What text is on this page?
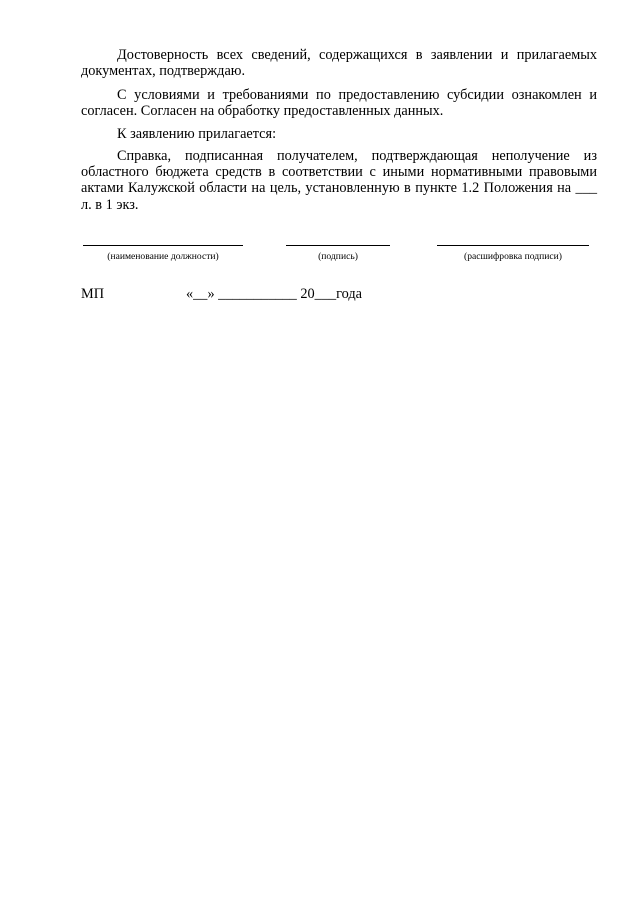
Достоверность всех сведений, содержащихся в заявлении и прилагаемых документах, подтверждаю.

С условиями и требованиями по предоставлению субсидии ознакомлен и согласен. Согласен на обработку предоставленных данных.

К заявлению прилагается:

Справка, подписанная получателем, подтверждающая неполучение из областного бюджета средств в соответствии с иными нормативными правовыми актами Калужской области на цель, установленную в пункте 1.2 Положения на ___ л. в 1 экз.

(наименование должности)	(подпись)	(расшифровка подписи)
МП	«__» ___________ 20___года
